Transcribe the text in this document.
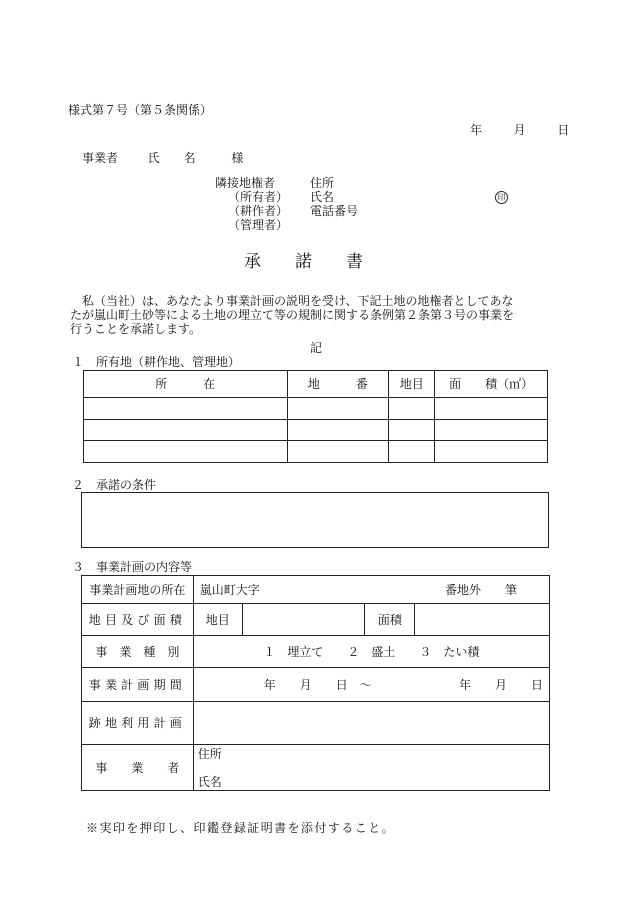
様式第７号（第５条関係）
年	月	日
事業者 氏　　名	様
隣接地権者
（所有者）
（耕作者）
（管理者）
住所
氏名
電話番号
印
承　　諾　　書
　私（当社）は、あなたより事業計画の説明を受け、下記土地の地権者としてあな
たが嵐山町土砂等による土地の埋立て等の規制に関する条例第２条第３号の事業を
行うことを承諾します。
記
１　所有地（耕作地、管理地）
所　　　在	地　　　番	地目	面　　積（㎡）

２　承諾の条件
３　事業計画の内容等
事業計画地の所在	嵐山町大字 番地外　　筆			

地目及び面積	地目		面積	
事　業　種　別	１　埋立て　　２　盛土　　３　たい積			
事業計画期間	年　　月　　日 ～ 年　　月　　日			

跡地利用計画				
事　　業　　者	住所
氏名			
※実印を押印し、印鑑登録証明書を添付すること。
